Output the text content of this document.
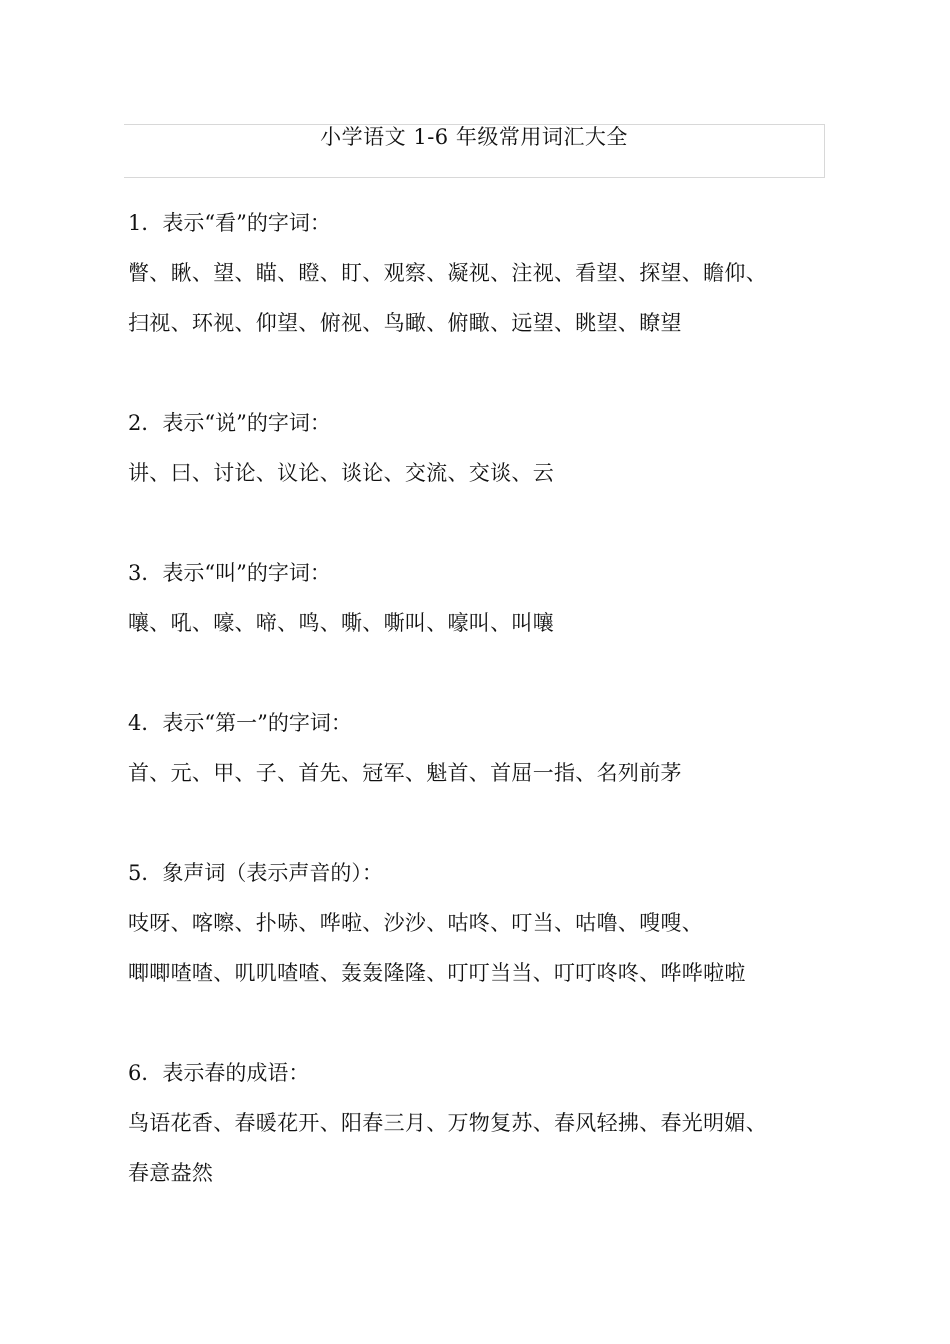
小学语文 1-6 年级常用词汇大全
1．表示“看”的字词：
瞥、瞅、望、瞄、瞪、盯、观察、凝视、注视、看望、探望、瞻仰、
扫视、环视、仰望、俯视、鸟瞰、俯瞰、远望、眺望、瞭望
2．表示“说”的字词：
讲、曰、讨论、议论、谈论、交流、交谈、云
3．表示“叫”的字词：
嚷、吼、嚎、啼、鸣、嘶、嘶叫、嚎叫、叫嚷
4．表示“第一”的字词：
首、元、甲、子、首先、冠军、魁首、首屈一指、名列前茅
5．象声词（表示声音的）：
吱呀、喀嚓、扑哧、哗啦、沙沙、咕咚、叮当、咕噜、嗖嗖、
唧唧喳喳、叽叽喳喳、轰轰隆隆、叮叮当当、叮叮咚咚、哗哗啦啦
6．表示春的成语：
鸟语花香、春暖花开、阳春三月、万物复苏、春风轻拂、春光明媚、
春意盎然
